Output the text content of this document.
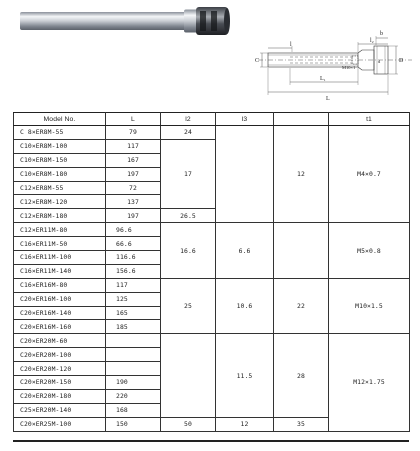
L
L₁
l₂
l
b
D
C	d
M10×1
Model No.	L	l2	l3		t1
C 8×ER8M-55	79	24		12	M4×0.7
C10×ER8M-100	117	17			
C10×ER8M-150	167				
C10×ER8M-180	197				
C12×ER8M-55	72				
C12×ER8M-120	137				
C12×ER8M-180	197	26.5			
C12×ER11M-80	96.6	16.6	6.6		M5×0.8
C16×ER11M-50	66.6				
C16×ER11M-100	116.6				
C16×ER11M-140	156.6				
C16×ER16M-80	117	25	10.6	22	M10×1.5
C20×ER16M-100	125				
C20×ER16M-140	165				
C20×ER16M-160	185				
C20×ER20M-60			11.5	28	M12×1.75
C20×ER20M-100					
C20×ER20M-120					
C20×ER20M-150	190				
C20×ER20M-180	220				
C25×ER20M-140	168				
C20×ER25M-100	150	50	12	35	
